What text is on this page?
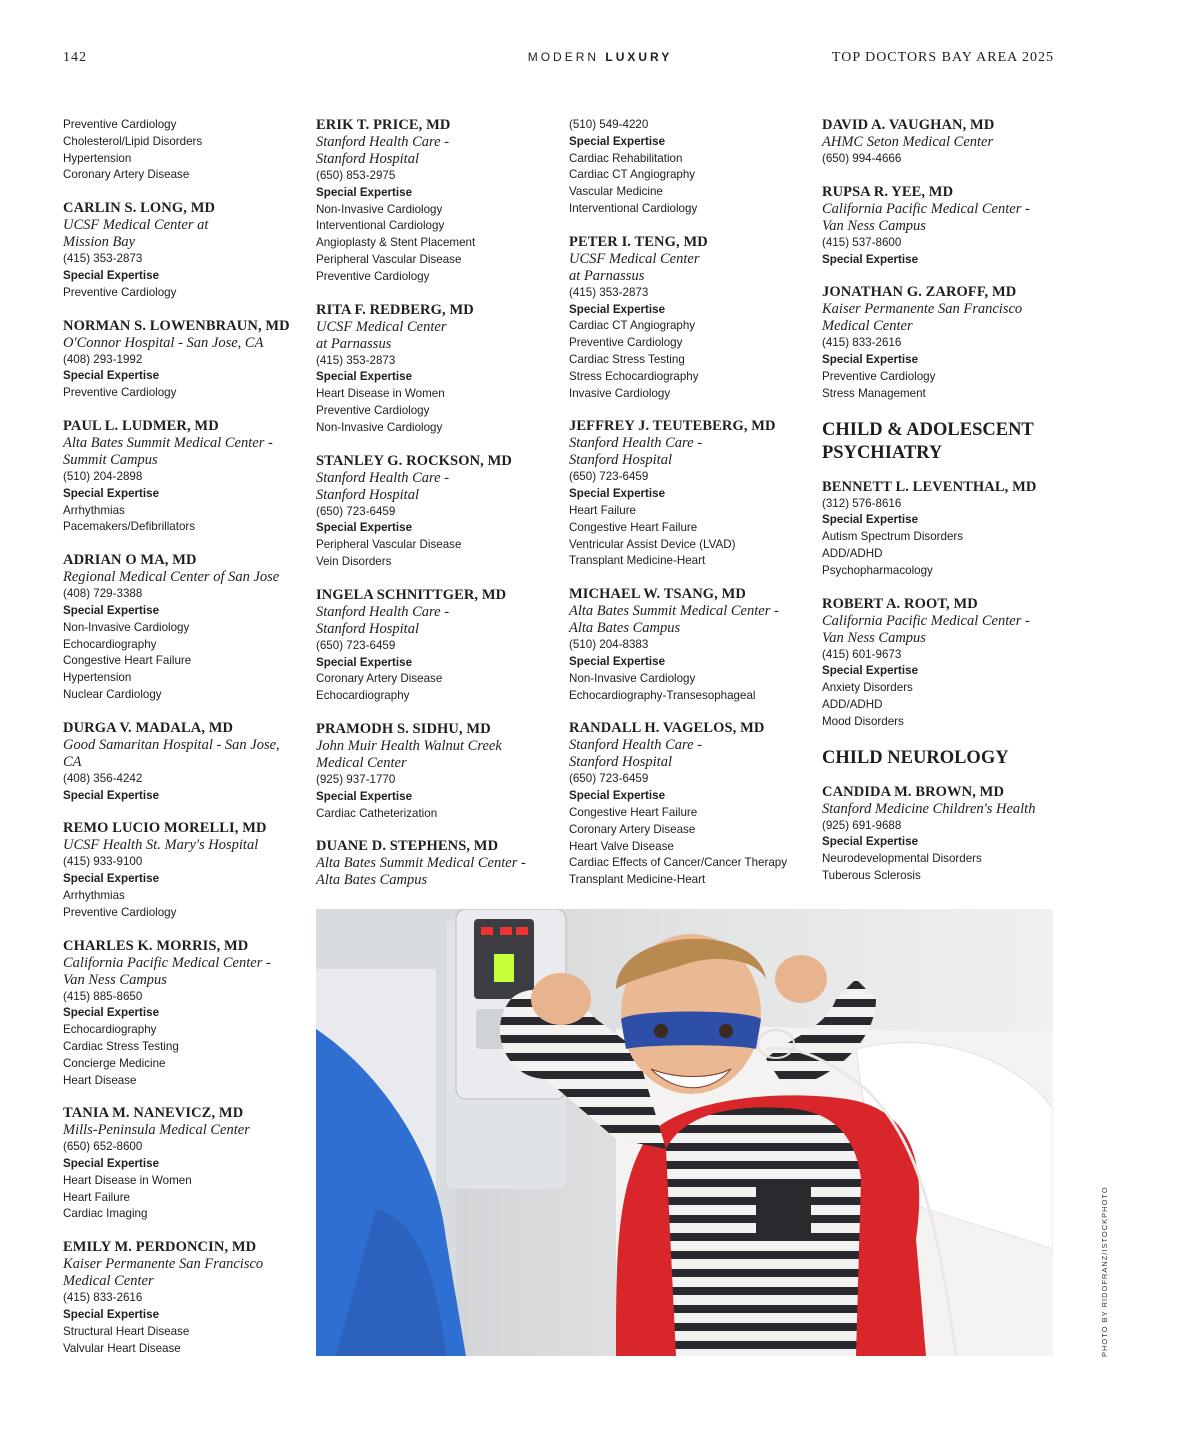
142	MODERN LUXURY	TOP DOCTORS BAY AREA 2025
Preventive Cardiology
Cholesterol/Lipid Disorders
Hypertension
Coronary Artery Disease
CARLIN S. LONG, MD
UCSF Medical Center at
Mission Bay
(415) 353-2873
Special Expertise
Preventive Cardiology
NORMAN S. LOWENBRAUN, MD
O'Connor Hospital - San Jose, CA
(408) 293-1992
Special Expertise
Preventive Cardiology
PAUL L. LUDMER, MD
Alta Bates Summit Medical Center -
Summit Campus
(510) 204-2898
Special Expertise
Arrhythmias
Pacemakers/Defibrillators
ADRIAN O MA, MD
Regional Medical Center of San Jose
(408) 729-3388
Special Expertise
Non-Invasive Cardiology
Echocardiography
Congestive Heart Failure
Hypertension
Nuclear Cardiology
DURGA V. MADALA, MD
Good Samaritan Hospital - San Jose,
CA
(408) 356-4242
Special Expertise
REMO LUCIO MORELLI, MD
UCSF Health St. Mary's Hospital
(415) 933-9100
Special Expertise
Arrhythmias
Preventive Cardiology
CHARLES K. MORRIS, MD
California Pacific Medical Center -
Van Ness Campus
(415) 885-8650
Special Expertise
Echocardiography
Cardiac Stress Testing
Concierge Medicine
Heart Disease
TANIA M. NANEVICZ, MD
Mills-Peninsula Medical Center
(650) 652-8600
Special Expertise
Heart Disease in Women
Heart Failure
Cardiac Imaging
EMILY M. PERDONCIN, MD
Kaiser Permanente San Francisco
Medical Center
(415) 833-2616
Special Expertise
Structural Heart Disease
Valvular Heart Disease
ERIK T. PRICE, MD
Stanford Health Care -
Stanford Hospital
(650) 853-2975
Special Expertise
Non-Invasive Cardiology
Interventional Cardiology
Angioplasty & Stent Placement
Peripheral Vascular Disease
Preventive Cardiology
RITA F. REDBERG, MD
UCSF Medical Center
at Parnassus
(415) 353-2873
Special Expertise
Heart Disease in Women
Preventive Cardiology
Non-Invasive Cardiology
STANLEY G. ROCKSON, MD
Stanford Health Care -
Stanford Hospital
(650) 723-6459
Special Expertise
Peripheral Vascular Disease
Vein Disorders
INGELA SCHNITTGER, MD
Stanford Health Care -
Stanford Hospital
(650) 723-6459
Special Expertise
Coronary Artery Disease
Echocardiography
PRAMODH S. SIDHU, MD
John Muir Health Walnut Creek
Medical Center
(925) 937-1770
Special Expertise
Cardiac Catheterization
DUANE D. STEPHENS, MD
Alta Bates Summit Medical Center -
Alta Bates Campus
(510) 549-4220
Special Expertise
Cardiac Rehabilitation
Cardiac CT Angiography
Vascular Medicine
Interventional Cardiology
PETER I. TENG, MD
UCSF Medical Center
at Parnassus
(415) 353-2873
Special Expertise
Cardiac CT Angiography
Preventive Cardiology
Cardiac Stress Testing
Stress Echocardiography
Invasive Cardiology
JEFFREY J. TEUTEBERG, MD
Stanford Health Care -
Stanford Hospital
(650) 723-6459
Special Expertise
Heart Failure
Congestive Heart Failure
Ventricular Assist Device (LVAD)
Transplant Medicine-Heart
MICHAEL W. TSANG, MD
Alta Bates Summit Medical Center -
Alta Bates Campus
(510) 204-8383
Special Expertise
Non-Invasive Cardiology
Echocardiography-Transesophageal
RANDALL H. VAGELOS, MD
Stanford Health Care -
Stanford Hospital
(650) 723-6459
Special Expertise
Congestive Heart Failure
Coronary Artery Disease
Heart Valve Disease
Cardiac Effects of Cancer/Cancer Therapy
Transplant Medicine-Heart
DAVID A. VAUGHAN, MD
AHMC Seton Medical Center
(650) 994-4666
RUPSA R. YEE, MD
California Pacific Medical Center -
Van Ness Campus
(415) 537-8600
Special Expertise
JONATHAN G. ZAROFF, MD
Kaiser Permanente San Francisco
Medical Center
(415) 833-2616
Special Expertise
Preventive Cardiology
Stress Management
CHILD & ADOLESCENT
PSYCHIATRY
BENNETT L. LEVENTHAL, MD
(312) 576-8616
Special Expertise
Autism Spectrum Disorders
ADD/ADHD
Psychopharmacology
ROBERT A. ROOT, MD
California Pacific Medical Center -
Van Ness Campus
(415) 601-9673
Special Expertise
Anxiety Disorders
ADD/ADHD
Mood Disorders
CHILD NEUROLOGY
CANDIDA M. BROWN, MD
Stanford Medicine Children's Health
(925) 691-9688
Special Expertise
Neurodevelopmental Disorders
Tuberous Sclerosis
PHOTO BY RIDOFRANZ/ISTOCKPHOTO
